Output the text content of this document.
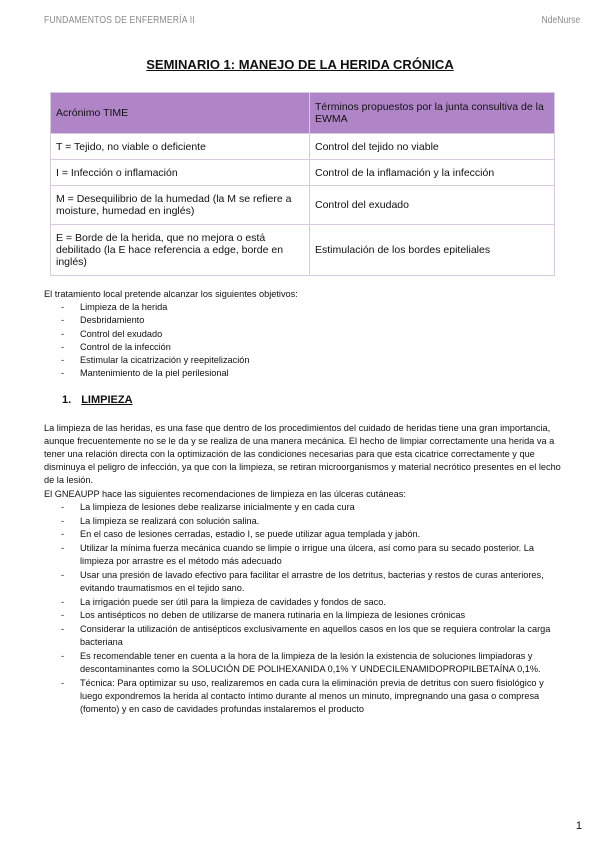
FUNDAMENTOS DE ENFERMERÍA II	NdeNurse
SEMINARIO 1: MANEJO DE LA HERIDA CRÓNICA
Acrónimo TIME	Términos propuestos por la junta consultiva de la EWMA
T = Tejido, no viable o deficiente	Control del tejido no viable
I = Infección o inflamación	Control de la inflamación y la infección
M = Desequilibrio de la humedad (la M se refiere a moisture, humedad en inglés)	Control del exudado
E = Borde de la herida, que no mejora o está debilitado (la E hace referencia a edge, borde en inglés)	Estimulación de los bordes epiteliales

El tratamiento local pretende alcanzar los siguientes objetivos:

- Limpieza de la herida
- Desbridamiento
- Control del exudado
- Control de la infección
- Estimular la cicatrización y reepitelización
- Mantenimiento de la piel perilesional
1. LIMPIEZA

La limpieza de las heridas, es una fase que dentro de los procedimientos del cuidado de heridas tiene una gran importancia, aunque frecuentemente no se le da y se realiza de una manera mecánica. El hecho de limpiar correctamente una herida va a tener una relación directa con la optimización de las condiciones necesarias para que esta cicatrice correctamente y que disminuya el peligro de infección, ya que con la limpieza, se retiran microorganismos y material necrótico presentes en el lecho de la lesión.

El GNEAUPP hace las siguientes recomendaciones de limpieza en las úlceras cutáneas:

- La limpieza de lesiones debe realizarse inicialmente y en cada cura
- La limpieza se realizará con solución salina.
- En el caso de lesiones cerradas, estadio I, se puede utilizar agua templada y jabón.
- Utilizar la mínima fuerza mecánica cuando se limpie o irrigue una úlcera, así como para su secado posterior. La limpieza por arrastre es el método más adecuado
- Usar una presión de lavado efectivo para facilitar el arrastre de los detritus, bacterias y restos de curas anteriores, evitando traumatismos en el tejido sano.
- La irrigación puede ser útil para la limpieza de cavidades y fondos de saco.
- Los antisépticos no deben de utilizarse de manera rutinaria en la limpieza de lesiones crónicas
- Considerar la utilización de antisépticos exclusivamente en aquellos casos en los que se requiera controlar la carga bacteriana
- Es recomendable tener en cuenta a la hora de la limpieza de la lesión la existencia de soluciones limpiadoras y descontaminantes como la SOLUCIÓN DE POLIHEXANIDA 0,1% Y UNDECILENAMIDOPROPILBETAÍNA 0,1%.
- Técnica: Para optimizar su uso, realizaremos en cada cura la eliminación previa de detritus con suero fisiológico y luego expondremos la herida al contacto íntimo durante al menos un minuto, impregnando una gasa o compresa (fomento) y en caso de cavidades profundas instalaremos el producto
1
